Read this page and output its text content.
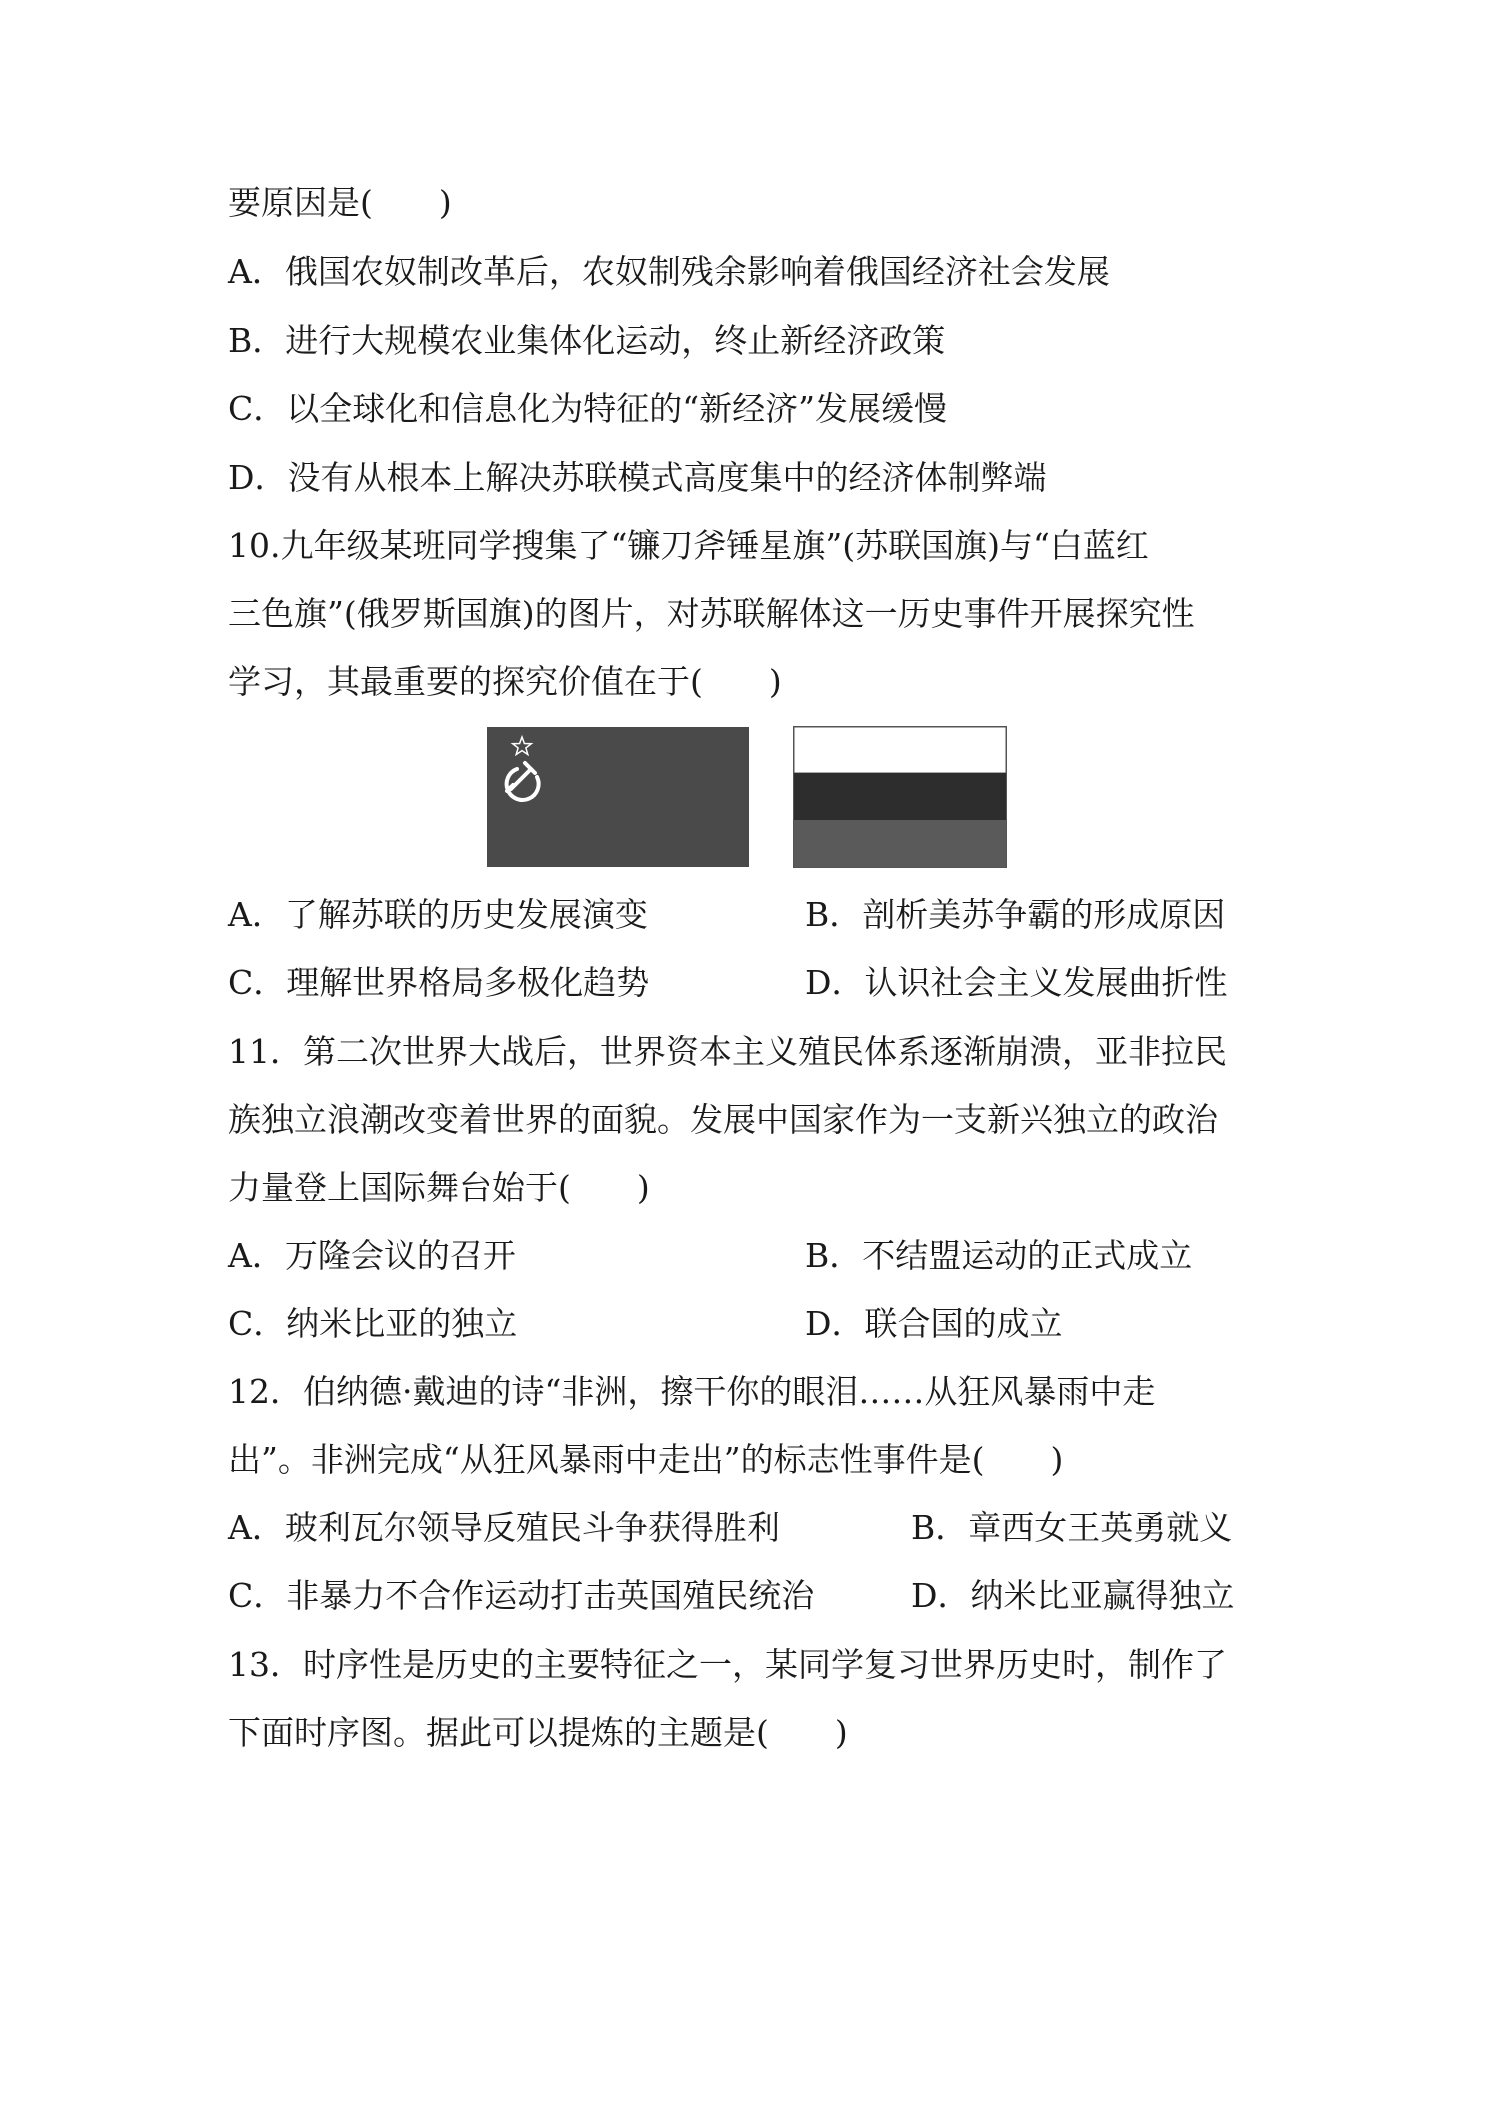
要原因是(　　)
A．俄国农奴制改革后，农奴制残余影响着俄国经济社会发展
B．进行大规模农业集体化运动，终止新经济政策
C．以全球化和信息化为特征的“新经济”发展缓慢
D．没有从根本上解决苏联模式高度集中的经济体制弊端
10.九年级某班同学搜集了“镰刀斧锤星旗”(苏联国旗)与“白蓝红
三色旗”(俄罗斯国旗)的图片，对苏联解体这一历史事件开展探究性
学习，其最重要的探究价值在于(　　)
A．了解苏联的历史发展演变	B．剖析美苏争霸的形成原因
C．理解世界格局多极化趋势	D．认识社会主义发展曲折性
11．第二次世界大战后，世界资本主义殖民体系逐渐崩溃，亚非拉民
族独立浪潮改变着世界的面貌。发展中国家作为一支新兴独立的政治
力量登上国际舞台始于(　　)
A．万隆会议的召开	B．不结盟运动的正式成立
C．纳米比亚的独立	D．联合国的成立
12．伯纳德·戴迪的诗“非洲，擦干你的眼泪……从狂风暴雨中走
出”。非洲完成“从狂风暴雨中走出”的标志性事件是(　　)
A．玻利瓦尔领导反殖民斗争获得胜利	B．章西女王英勇就义
C．非暴力不合作运动打击英国殖民统治	D．纳米比亚赢得独立
13．时序性是历史的主要特征之一，某同学复习世界历史时，制作了
下面时序图。据此可以提炼的主题是(　　)
